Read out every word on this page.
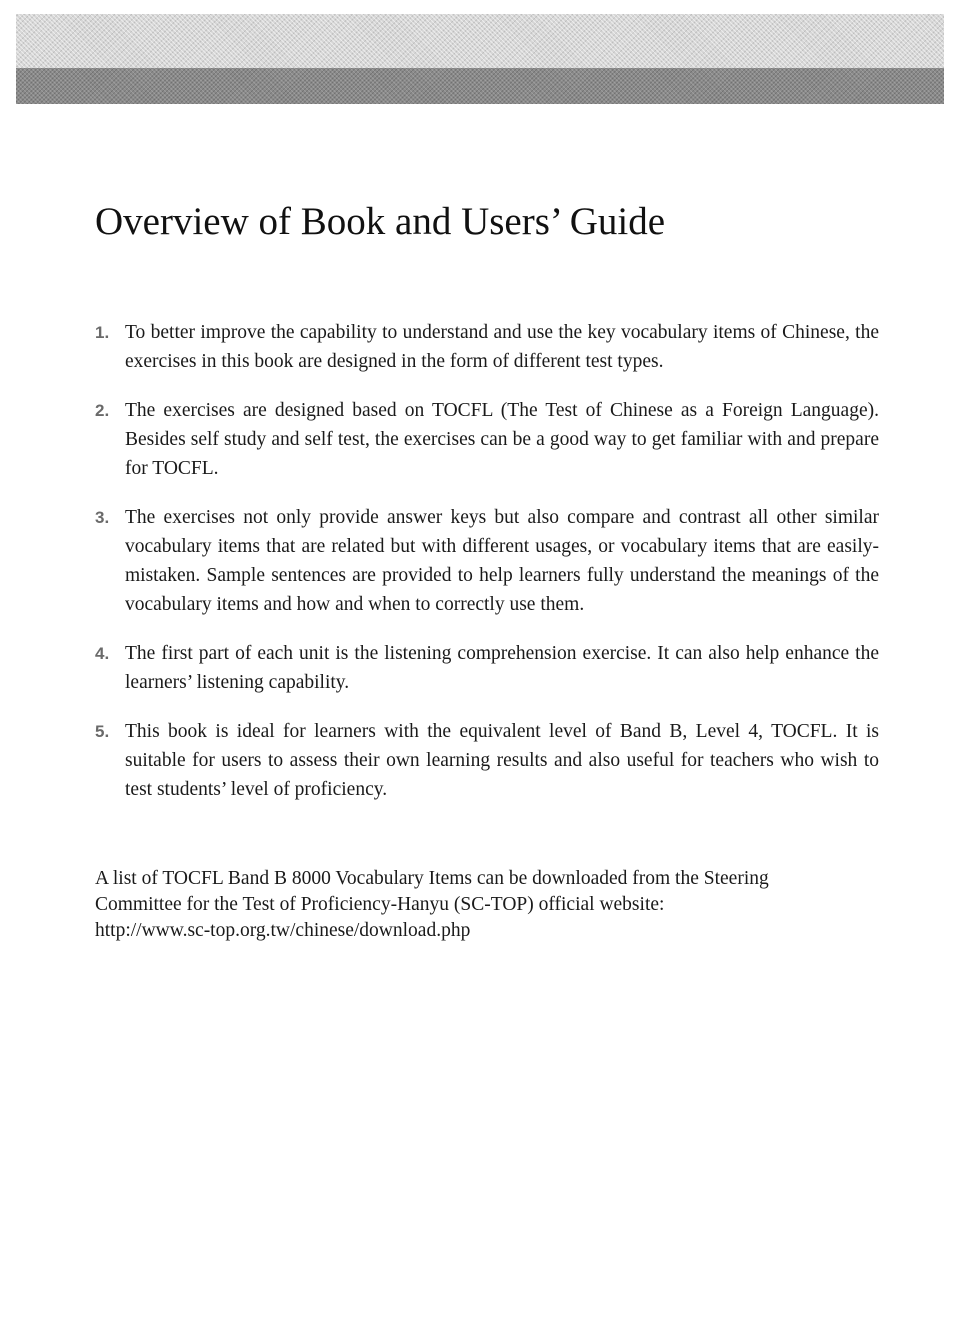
Overview of Book and Users’ Guide
1. To better improve the capability to understand and use the key vocabulary items of Chinese, the exercises in this book are designed in the form of different test types.
2. The exercises are designed based on TOCFL (The Test of Chinese as a Foreign Language). Besides self study and self test, the exercises can be a good way to get familiar with and prepare for TOCFL.
3. The exercises not only provide answer keys but also compare and contrast all other similar vocabulary items that are related but with different usages, or vocabulary items that are easily-mistaken. Sample sentences are provided to help learners fully understand the meanings of the vocabulary items and how and when to correctly use them.
4. The first part of each unit is the listening comprehension exercise. It can also help enhance the learners’ listening capability.
5. This book is ideal for learners with the equivalent level of Band B, Level 4, TOCFL. It is suitable for users to assess their own learning results and also useful for teachers who wish to test students’ level of proficiency.

A list of TOCFL Band B 8000 Vocabulary Items can be downloaded from the Steering
Committee for the Test of Proficiency-Hanyu (SC-TOP) official website:
http://www.sc-top.org.tw/chinese/download.php
